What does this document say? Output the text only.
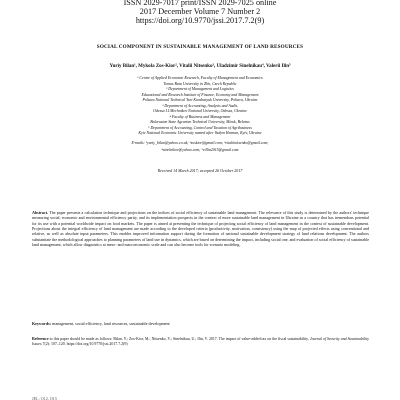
ISSN 2029-7017 print/ISSN 2029-7025 online
2017 December Volume 7 Number 2
https://doi.org/10.9770/jssi.2017.7.2(9)
SOCIAL COMPONENT IN SUSTAINABLE MANAGEMENT OF LAND RESOURCES
Yuriy Bilan¹, Mykola Zos-Kior², Vitalii Nitsenko³, Uladzimir Sinelnikau⁴, Valerii Ilin⁵
¹ Centre of Applied Economic Research, Faculty of Management and Economics
Tomas Bata University in Zlín, Czech Republic
² Department of Management and Logistics
Educational and Research Institute of Finance, Economy and Management
Poltava National Technical Yuri Kondratyuk University, Poltava, Ukraine
³ Department of Accounting, Analysis and Audit,
Odessa I.I.Mechnikov National University, Odessa, Ukraine
⁴ Faculty of Business and Management
Belarusian State Agrarian Technical University, Minsk, Belarus
⁵ Department of Accounting, Control and Taxation of Agribusiness
Kyiv National Economic University named after Vadym Hetman, Kyiv, Ukraine
E-mails: ¹yuriy_bilan@yahoo.co.uk; ²zoskior@gmail.com; ³vitaliinitsenko@gmail.com;
⁴sinelnikov@yahoo.com; ⁵villin2015@gmail.com
Received 14 March 2017; accepted 26 October 2017
Abstract. The paper presents a calculation technique and projections on the indices of social efficiency of sustainable land management. The relevance of this study is determined by the authors' technique measuring social, economic and environmental efficiency parity, and its implementation prospects in the context of more sustainable land management in Ukraine as a country that has tremendous potential for its use with a potential worldwide impact on food markets. The paper is aimed at presenting the technique of projecting social efficiency of land management in the context of sustainable development. Projections about the integral efficiency of land management are made according to the developed criteria (productivity, motivation, consistency) using the map of projected effects using conventional and relative, as well as absolute input parameters. This enables improved information support during the formation of national sustainable development strategy of land relations development. The authors substantiate the methodological approaches to planning parameters of land use in dynamics, which are based on determining the impact, including social one, and evaluation of social efficiency of sustainable land management, which allow diagnostics at meso- and macroeconomic scale and can also become tools for scenario modeling.
Keywords: management, social efficiency, land resources, sustainable development
Reference to this paper should be made as follows: Bilan, Y.; Zos-Kior, M.; Nitsenko, V.; Sinelnikau, U.; Ilin, V. 2017. The impact of value-added tax on the fiscal sustainability, Journal of Security and Sustainability Issues 7(2): 107–120. https://doi.org/10.9770/jssi.2017.7.2(9)
JEL: Q12, Q15
